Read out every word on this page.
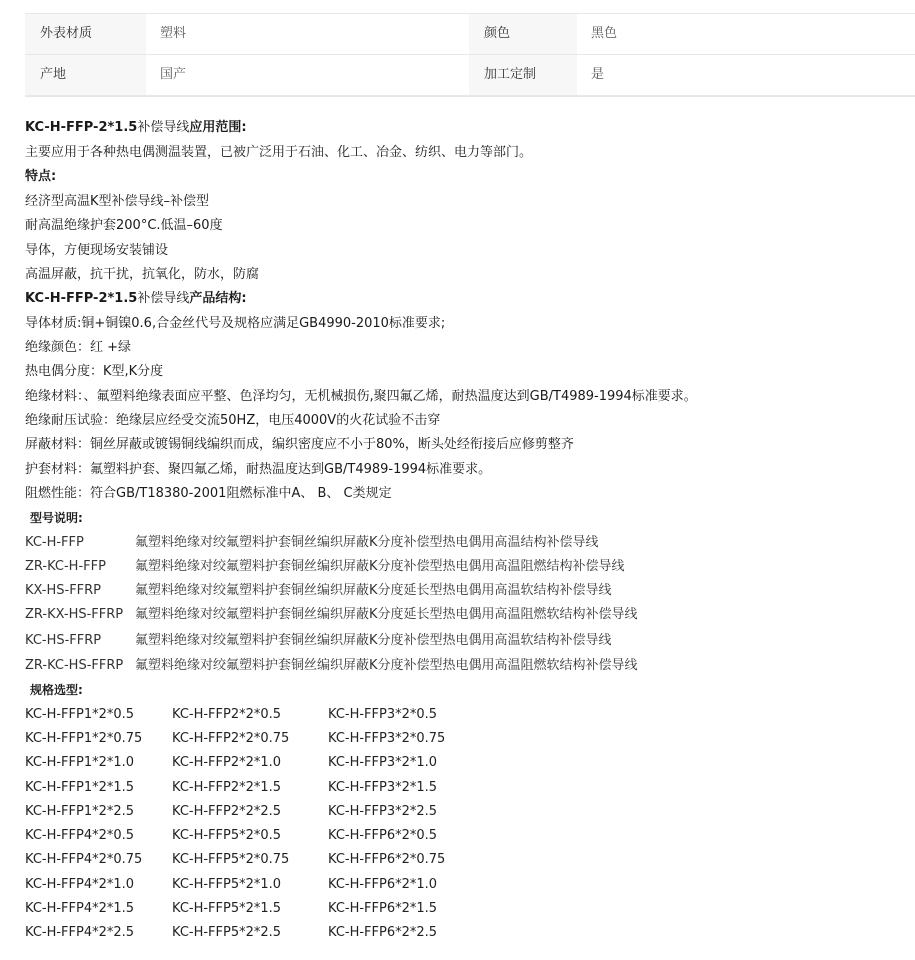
外表材质	塑料	颜色	黑色
产地	国产	加工定制	是
KC-H-FFP-2*1.5补偿导线应用范围:
主要应用于各种热电偶测温装置，已被广泛用于石油、化工、冶金、纺织、电力等部门。
特点:
经济型高温K型补偿导线–补偿型
耐高温绝缘护套200°C.低温–60度
导体，方便现场安装铺设
高温屏蔽，抗干扰，抗氧化，防水，防腐
KC-H-FFP-2*1.5补偿导线产品结构:
导体材质:铜+铜镍0.6,合金丝代号及规格应满足GB4990-2010标准要求;
绝缘颜色：红 +绿
热电偶分度：K型,K分度
绝缘材料：、氟塑料绝缘表面应平整、色泽均匀，无机械损伤,聚四氟乙烯，耐热温度达到GB/T4989-1994标准要求。
绝缘耐压试验：绝缘层应经受交流50HZ，电压4000V的火花试验不击穿
屏蔽材料：铜丝屏蔽或镀锡铜线编织而成，编织密度应不小于80%，断头处经衔接后应修剪整齐
护套材料：氟塑料护套、聚四氟乙烯，耐热温度达到GB/T4989-1994标准要求。
阻燃性能：符合GB/T18380-2001阻燃标准中A、 B、 C类规定
型号说明:
KC-H-FFP	氟塑料绝缘对绞氟塑料护套铜丝编织屏蔽K分度补偿型热电偶用高温结构补偿导线
ZR-KC-H-FFP 氟塑料绝缘对绞氟塑料护套铜丝编织屏蔽K分度补偿型热电偶用高温阻燃结构补偿导线
KX-HS-FFRP	氟塑料绝缘对绞氟塑料护套铜丝编织屏蔽K分度延长型热电偶用高温软结构补偿导线
ZR-KX-HS-FFRP 氟塑料绝缘对绞氟塑料护套铜丝编织屏蔽K分度延长型热电偶用高温阻燃软结构补偿导线
KC-HS-FFRP	氟塑料绝缘对绞氟塑料护套铜丝编织屏蔽K分度补偿型热电偶用高温软结构补偿导线
ZR-KC-HS-FFRP 氟塑料绝缘对绞氟塑料护套铜丝编织屏蔽K分度补偿型热电偶用高温阻燃软结构补偿导线
规格选型:
KC-H-FFP1*2*0.5	KC-H-FFP2*2*0.5	KC-H-FFP3*2*0.5
KC-H-FFP1*2*0.75 KC-H-FFP2*2*0.75	KC-H-FFP3*2*0.75
KC-H-FFP1*2*1.0	KC-H-FFP2*2*1.0	KC-H-FFP3*2*1.0
KC-H-FFP1*2*1.5	KC-H-FFP2*2*1.5	KC-H-FFP3*2*1.5
KC-H-FFP1*2*2.5	KC-H-FFP2*2*2.5	KC-H-FFP3*2*2.5
KC-H-FFP4*2*0.5	KC-H-FFP5*2*0.5	KC-H-FFP6*2*0.5
KC-H-FFP4*2*0.75 KC-H-FFP5*2*0.75	KC-H-FFP6*2*0.75
KC-H-FFP4*2*1.0	KC-H-FFP5*2*1.0	KC-H-FFP6*2*1.0
KC-H-FFP4*2*1.5	KC-H-FFP5*2*1.5	KC-H-FFP6*2*1.5
KC-H-FFP4*2*2.5	KC-H-FFP5*2*2.5	KC-H-FFP6*2*2.5
